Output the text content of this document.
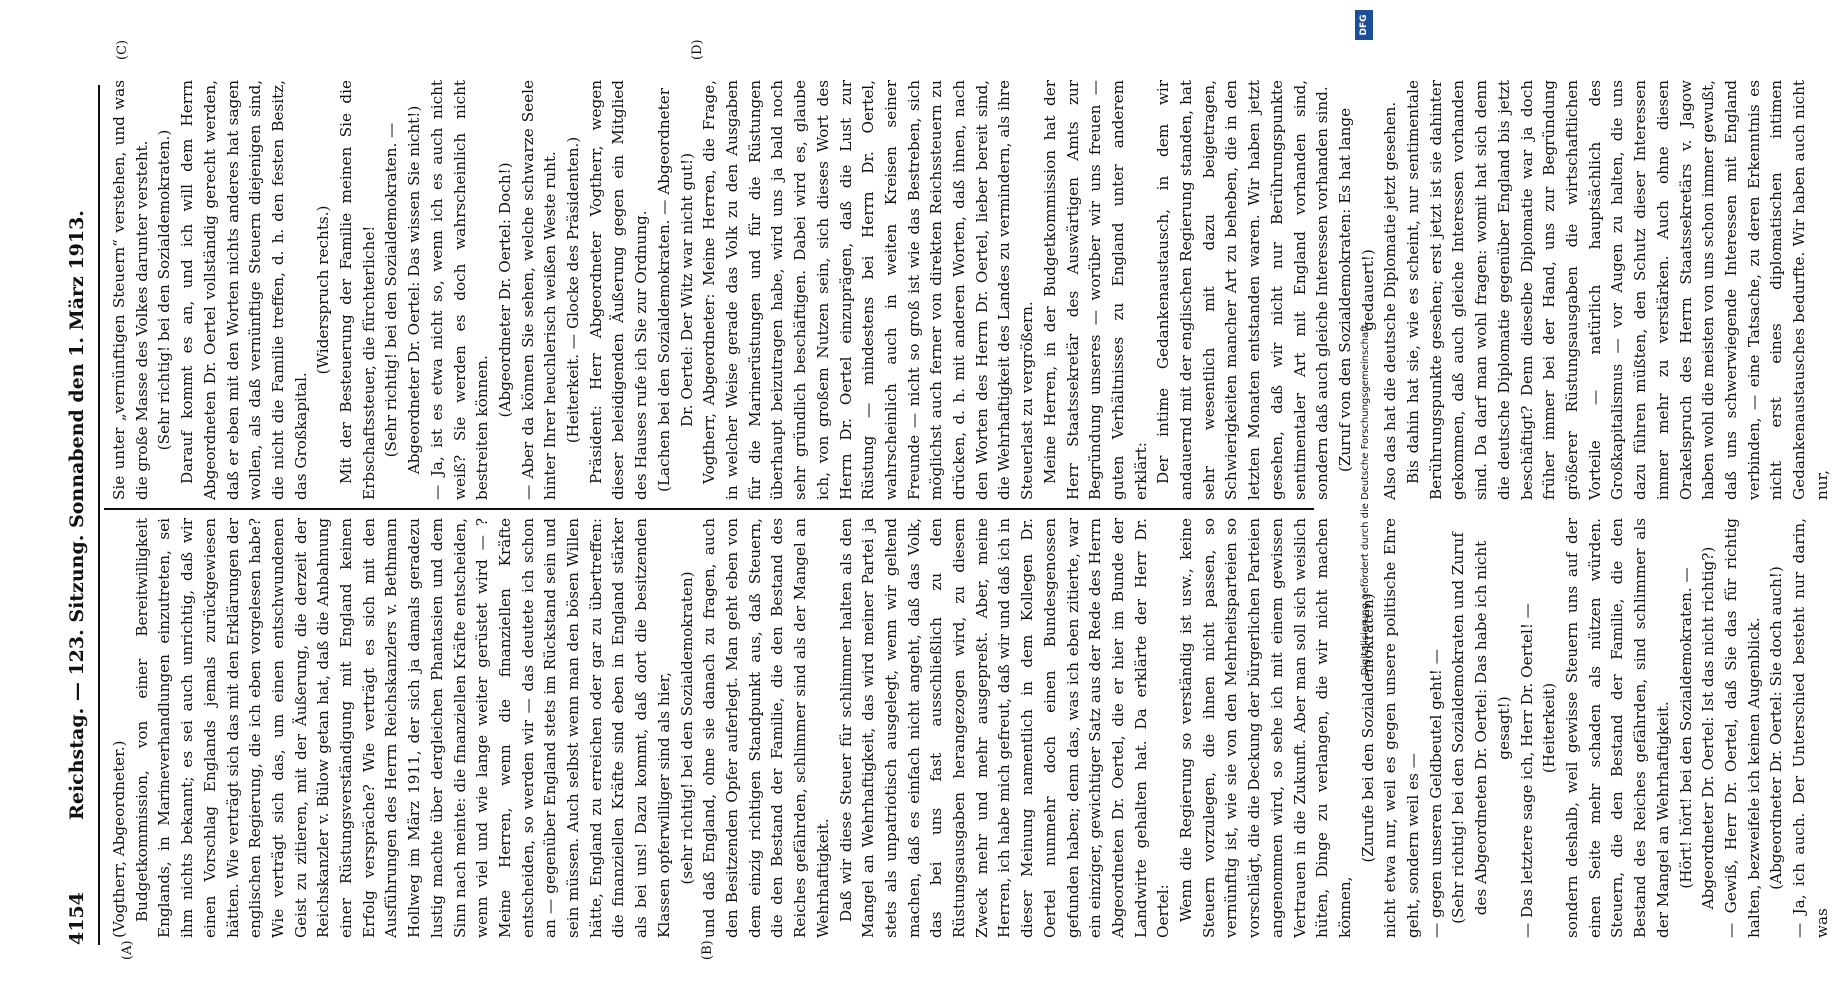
4154
Reichstag. — 123. Sitzung. Sonnabend den 1. März 1913.
(A)	(B)
(C)	(D)

(Vogtherr, Abgeordneter.) Budgetkommission, von einer Bereitwilligkeit Englands, in Marineverhandlungen einzutreten, sei ihm nichts bekannt; es sei auch unrichtig, daß wir einen Vorschlag Englands jemals zurückgewiesen hätten. Wie verträgt sich das mit den Erklärungen der englischen Regierung, die ich eben vorgelesen habe? Wie verträgt sich das, um einen entschwundenen Geist zu zitieren, mit der Äußerung, die derzeit der Reichskanzler v. Bülow getan hat, daß die Anbahnung einer Rüstungsverständigung mit England keinen Erfolg verspräche? Wie verträgt es sich mit den Ausführungen des Herrn Reichskanzlers v. Bethmann Hollweg im März 1911, der sich ja damals geradezu lustig machte über dergleichen Phantasien und dem Sinn nach meinte: die finanziellen Kräfte entscheiden, wenn viel und wie lange weiter gerüstet wird — ? Meine Herren, wenn die finanziellen Kräfte entscheiden, so werden wir — das deutete ich schon an — gegenüber England stets im Rückstand sein und sein müssen. Auch selbst wenn man den bösen Willen hätte, England zu erreichen oder gar zu übertreffen: die finanziellen Kräfte sind eben in England stärker als bei uns! Dazu kommt, daß dort die besitzenden Klassen opferwilliger sind als hier, (sehr richtig! bei den Sozialdemokraten) und daß England, ohne sie danach zu fragen, auch den Besitzenden Opfer auferlegt. Man geht eben von dem einzig richtigen Standpunkt aus, daß Steuern, die den Bestand der Familie, die den Bestand des Reiches gefährden, schlimmer sind als der Mangel an Wehrhaftigkeit. Daß wir diese Steuer für schlimmer halten als den Mangel an Wehrhaftigkeit, das wird meiner Partei ja stets als unpatriotisch ausgelegt, wenn wir geltend machen, daß es einfach nicht angeht, daß das Volk, das bei uns fast ausschließlich zu den Rüstungsausgaben herangezogen wird, zu diesem Zweck mehr und mehr ausgepreßt. Aber, meine Herren, ich habe mich gefreut, daß wir und daß ich in dieser Meinung namentlich in dem Kollegen Dr. Oertel nunmehr doch einen Bundesgenossen gefunden haben; denn das, was ich eben zitierte, war ein einziger, gewichtiger Satz aus der Rede des Herrn Abgeordneten Dr. Oertel, die er hier im Bunde der Landwirte gehalten hat. Da erklärte der Herr Dr. Oertel: Wenn die Regierung so verständig ist usw., keine Steuern vorzulegen, die ihnen nicht passen, so vernünftig ist, wie sie von den Mehrheitsparteien so vorschlägt, die die Deckung der bürgerlichen Parteien angenommen wird, so sehe ich mit einem gewissen Vertrauen in die Zukunft. Aber man soll sich weislich hüten, Dinge zu verlangen, die wir nicht machen können,

(Zurufe bei den Sozialdemokraten) nicht etwa nur, weil es gegen unsere politische Ehre geht, sondern weil es — — gegen unseren Geldbeutel geht! — (Sehr richtig! bei den Sozialdemokraten und Zuruf des Abgeordneten Dr. Oertel: Das habe ich nicht gesagt!) — Das letztere sage ich, Herr Dr. Oertel! — (Heiterkeit) sondern deshalb, weil gewisse Steuern uns auf der einen Seite mehr schaden als nützen würden. Steuern, die den Bestand der Familie, die den Bestand des Reiches gefährden, sind schlimmer als der Mangel an Wehrhaftigkeit. (Hört! hört! bei den Sozialdemokraten. — Abgeordneter Dr. Oertel: Ist das nicht richtig?) — Gewiß, Herr Dr. Oertel, daß Sie das für richtig halten, bezweifele ich keinen Augenblick. (Abgeordneter Dr. Oertel: Sie doch auch!) — Ja, ich auch. Der Unterschied besteht nur darin, was

Sie unter „vernünftigen Steuern“ verstehen, und was die große Masse des Volkes darunter versteht. (Sehr richtig! bei den Sozialdemokraten.) Darauf kommt es an, und ich will dem Herrn Abgeordneten Dr. Oertel vollständig gerecht werden, daß er eben mit den Worten nichts anderes hat sagen wollen, als daß vernünftige Steuern diejenigen sind, die nicht die Familie treffen, d. h. den festen Besitz, das Großkapital.

(Widerspruch rechts.) Mit der Besteuerung der Familie meinen Sie die Erbschaftssteuer, die fürchterliche! (Sehr richtig! bei den Sozialdemokraten. — Abgeordneter Dr. Oertel: Das wissen Sie nicht!) — Ja, ist es etwa nicht so, wenn ich es auch nicht weiß? Sie werden es doch wahrscheinlich nicht bestreiten können.

(Abgeordneter Dr. Oertel: Doch!) — Aber da können Sie sehen, welche schwarze Seele hinter Ihrer heuchlerisch weißen Weste ruht. (Heiterkeit. — Glocke des Präsidenten.) Präsident: Herr Abgeordneter Vogtherr, wegen dieser beleidigenden Äußerung gegen ein Mitglied des Hauses rufe ich Sie zur Ordnung. (Lachen bei den Sozialdemokraten. — Abgeordneter Dr. Oertel: Der Witz war nicht gut!) Vogtherr, Abgeordneter: Meine Herren, die Frage, in welcher Weise gerade das Volk zu den Ausgaben für die Marinerüstungen und für die Rüstungen überhaupt beizutragen habe, wird uns ja bald noch sehr gründlich beschäftigen. Dabei wird es, glaube ich, von großem Nutzen sein, sich dieses Wort des Herrn Dr. Oertel einzuprägen, daß die Lust zur Rüstung — mindestens bei Herrn Dr. Oertel, wahrscheinlich auch in weiten Kreisen seiner Freunde — nicht so groß ist wie das Bestreben, sich möglichst auch ferner von direkten Reichssteuern zu drücken, d. h. mit anderen Worten, daß ihnen, nach den Worten des Herrn Dr. Oertel, lieber bereit sind, die Wehrhaftigkeit des Landes zu vermindern, als ihre Steuerlast zu vergrößern. Meine Herren, in der Budgetkommission hat der Herr Staatssekretär des Auswärtigen Amts zur Begründung unseres — worüber wir uns freuen — guten Verhältnisses zu England unter anderem erklärt: Der intime Gedankenaustausch, in dem wir andauernd mit der englischen Regierung standen, hat sehr wesentlich mit dazu beigetragen, Schwierigkeiten mancher Art zu beheben, die in den letzten Monaten entstanden waren. Wir haben jetzt gesehen, daß wir nicht nur Berührungspunkte sentimentaler Art mit England vorhanden sind, sondern daß auch gleiche Interessen vorhanden sind. (Zuruf von den Sozialdemokraten: Es hat lange gedauert!) Also das hat die deutsche Diplomatie jetzt gesehen. Bis dahin hat sie, wie es scheint, nur sentimentale Berührungspunkte gesehen; erst jetzt ist sie dahinter gekommen, daß auch gleiche Interessen vorhanden sind. Da darf man wohl fragen: womit hat sich denn die deutsche Diplomatie gegenüber England bis jetzt beschäftigt? Denn dieselbe Diplomatie war ja doch früher immer bei der Hand, uns zur Begründung größerer Rüstungsausgaben die wirtschaftlichen Vorteile — natürlich hauptsächlich des Großkapitalismus — vor Augen zu halten, die uns dazu führen müßten, den Schutz dieser Interessen immer mehr zu verstärken. Auch ohne diesen Orakelspruch des Herrn Staatssekretärs v. Jagow haben wohl die meisten von uns schon immer gewußt, daß uns schwerwiegende Interessen mit England verbinden, — eine Tatsache, zu deren Erkenntnis es nicht erst eines diplomatischen intimen Gedankenaustausches bedurfte. Wir haben auch nicht nur,

Digitalisierung gefördert durch die Deutsche Forschungsgemeinschaft
DFG
